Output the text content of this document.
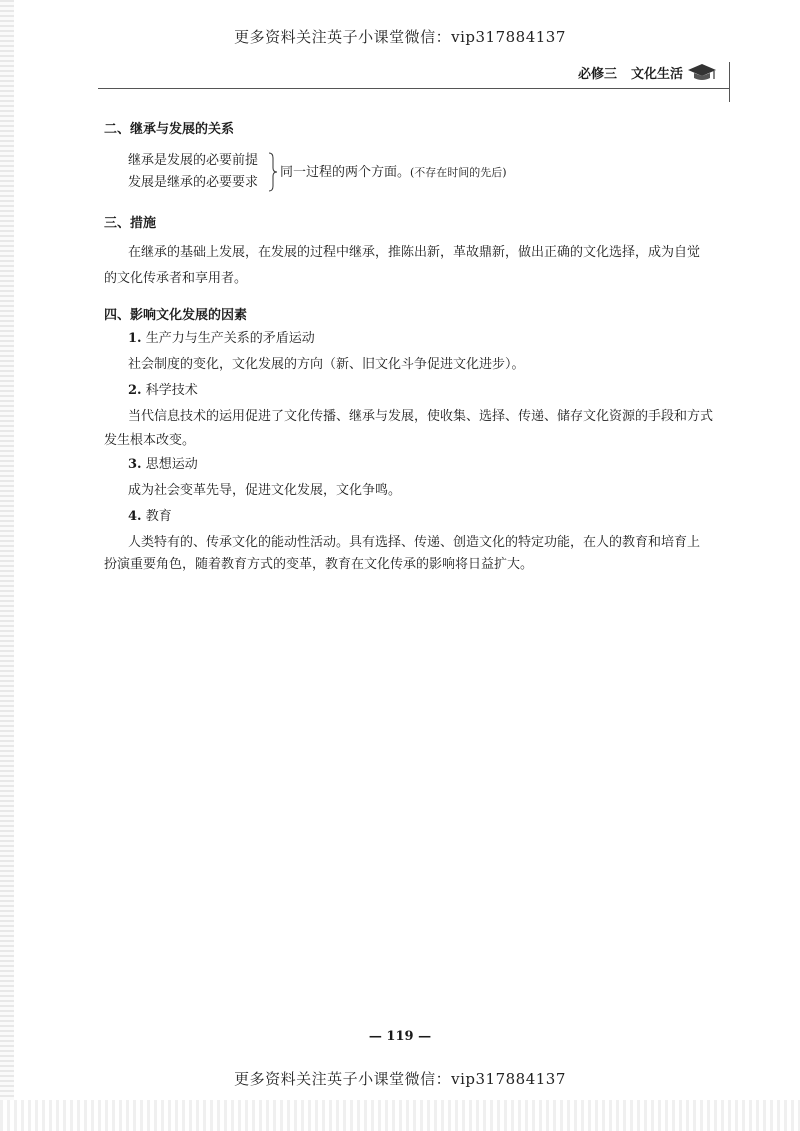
更多资料关注英子小课堂微信：vip317884137
必修三 文化生活
二、继承与发展的关系
继承是发展的必要前提
发展是继承的必要要求
同一过程的两个方面。(不存在时间的先后)
三、措施
在继承的基础上发展，在发展的过程中继承，推陈出新，革故鼎新，做出正确的文化选择，成为自觉
的文化传承者和享用者。
四、影响文化发展的因素
1. 生产力与生产关系的矛盾运动
社会制度的变化，文化发展的方向（新、旧文化斗争促进文化进步）。
2. 科学技术
当代信息技术的运用促进了文化传播、继承与发展，使收集、选择、传递、储存文化资源的手段和方式
发生根本改变。
3. 思想运动
成为社会变革先导，促进文化发展，文化争鸣。
4. 教育
人类特有的、传承文化的能动性活动。具有选择、传递、创造文化的特定功能，在人的教育和培育上
扮演重要角色，随着教育方式的变革，教育在文化传承的影响将日益扩大。
— 119 —
更多资料关注英子小课堂微信：vip317884137
